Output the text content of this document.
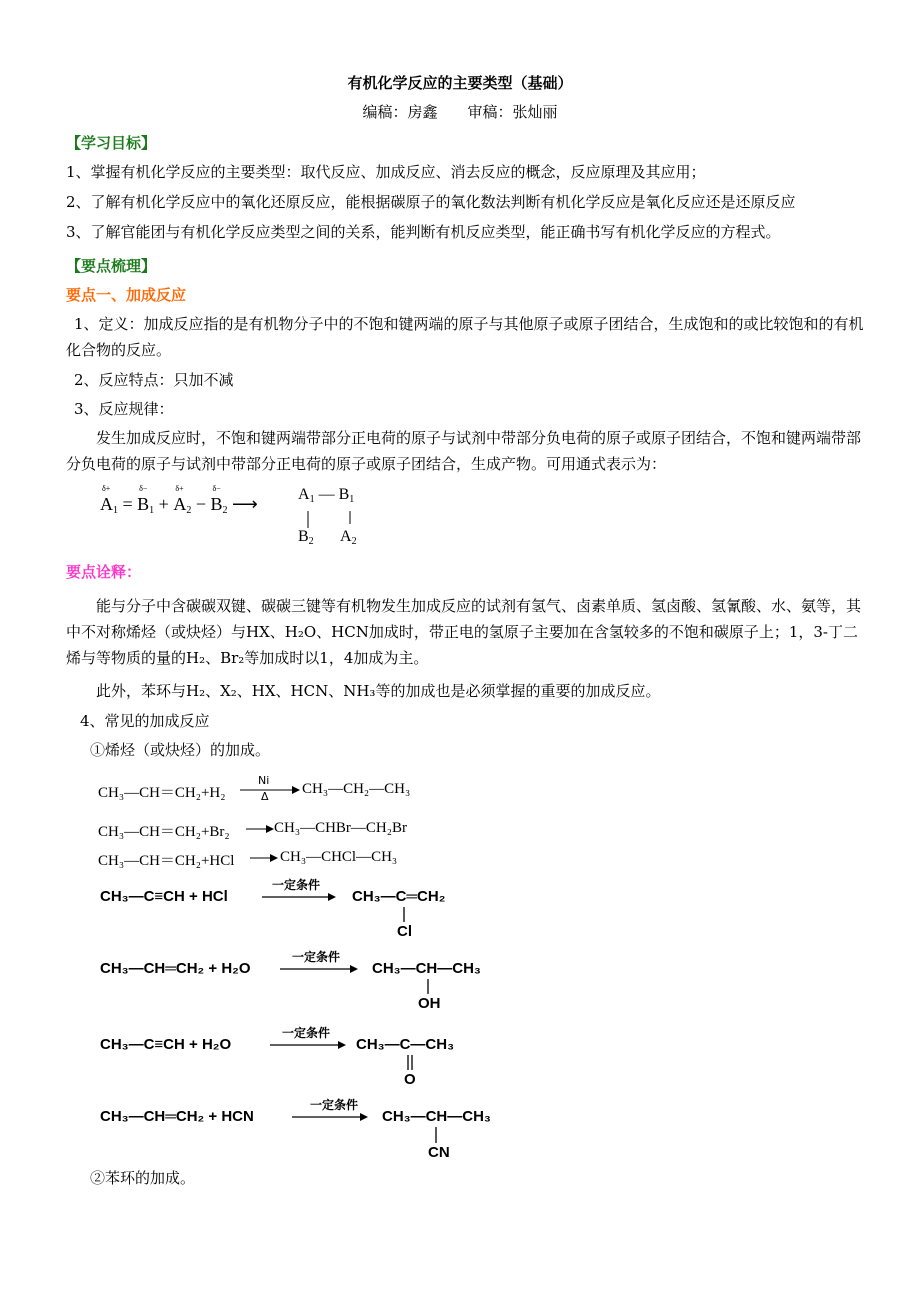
有机化学反应的主要类型（基础）
编稿：房鑫　　审稿：张灿丽
【学习目标】
1、掌握有机化学反应的主要类型：取代反应、加成反应、消去反应的概念，反应原理及其应用；
2、了解有机化学反应中的氧化还原反应，能根据碳原子的氧化数法判断有机化学反应是氧化反应还是还原反应
3、了解官能团与有机化学反应类型之间的关系，能判断有机反应类型，能正确书写有机化学反应的方程式。
【要点梳理】
要点一、加成反应
1、定义：加成反应指的是有机物分子中的不饱和键两端的原子与其他原子或原子团结合，生成饱和的或比较饱和的有机化合物的反应。
2、反应特点：只加不减
3、反应规律：
发生加成反应时，不饱和键两端带部分正电荷的原子与试剂中带部分负电荷的原子或原子团结合，不饱和键两端带部分负电荷的原子与试剂中带部分正电荷的原子或原子团结合，生成产物。可用通式表示为：
δ+
$A_1$ =
δ−
$B_1$ +
δ+
$A_2$ −
δ−
$B_2$ ⟶	$A_1$ — $B_1$
$B_2$ $A_2$
要点诠释：
能与分子中含碳碳双键、碳碳三键等有机物发生加成反应的试剂有氢气、卤素单质、氢卤酸、氢氰酸、水、氨等，其中不对称烯烃（或炔烃）与HX、H₂O、HCN加成时，带正电的氢原子主要加在含氢较多的不饱和碳原子上；1，3-丁二烯与等物质的量的H₂、Br₂等加成时以1，4加成为主。
此外，苯环与H₂、X₂、HX、HCN、NH₃等的加成也是必须掌握的重要的加成反应。
4、常见的加成反应
①烯烃（或炔烃）的加成。
CH₃—CH＝CH₂+H₂
Ni
Δ CH₃—CH₂—CH₃
CH₃—CH＝CH₂+Br₂	CH₃—CHBr—CH₂Br
CH₃—CH＝CH₂+HCl	CH₃—CHCl—CH₃
CH₃—C≡CH + HCl
一定条件
CH₃—C═CH₂
Cl
CH₃—CH═CH₂ + H₂O
一定条件
CH₃—CH—CH₃
OH
CH₃—C≡CH + H₂O
一定条件
CH₃—C—CH₃
O
CH₃—CH═CH₂ + HCN
一定条件
CH₃—CH—CH₃
CN
②苯环的加成。
